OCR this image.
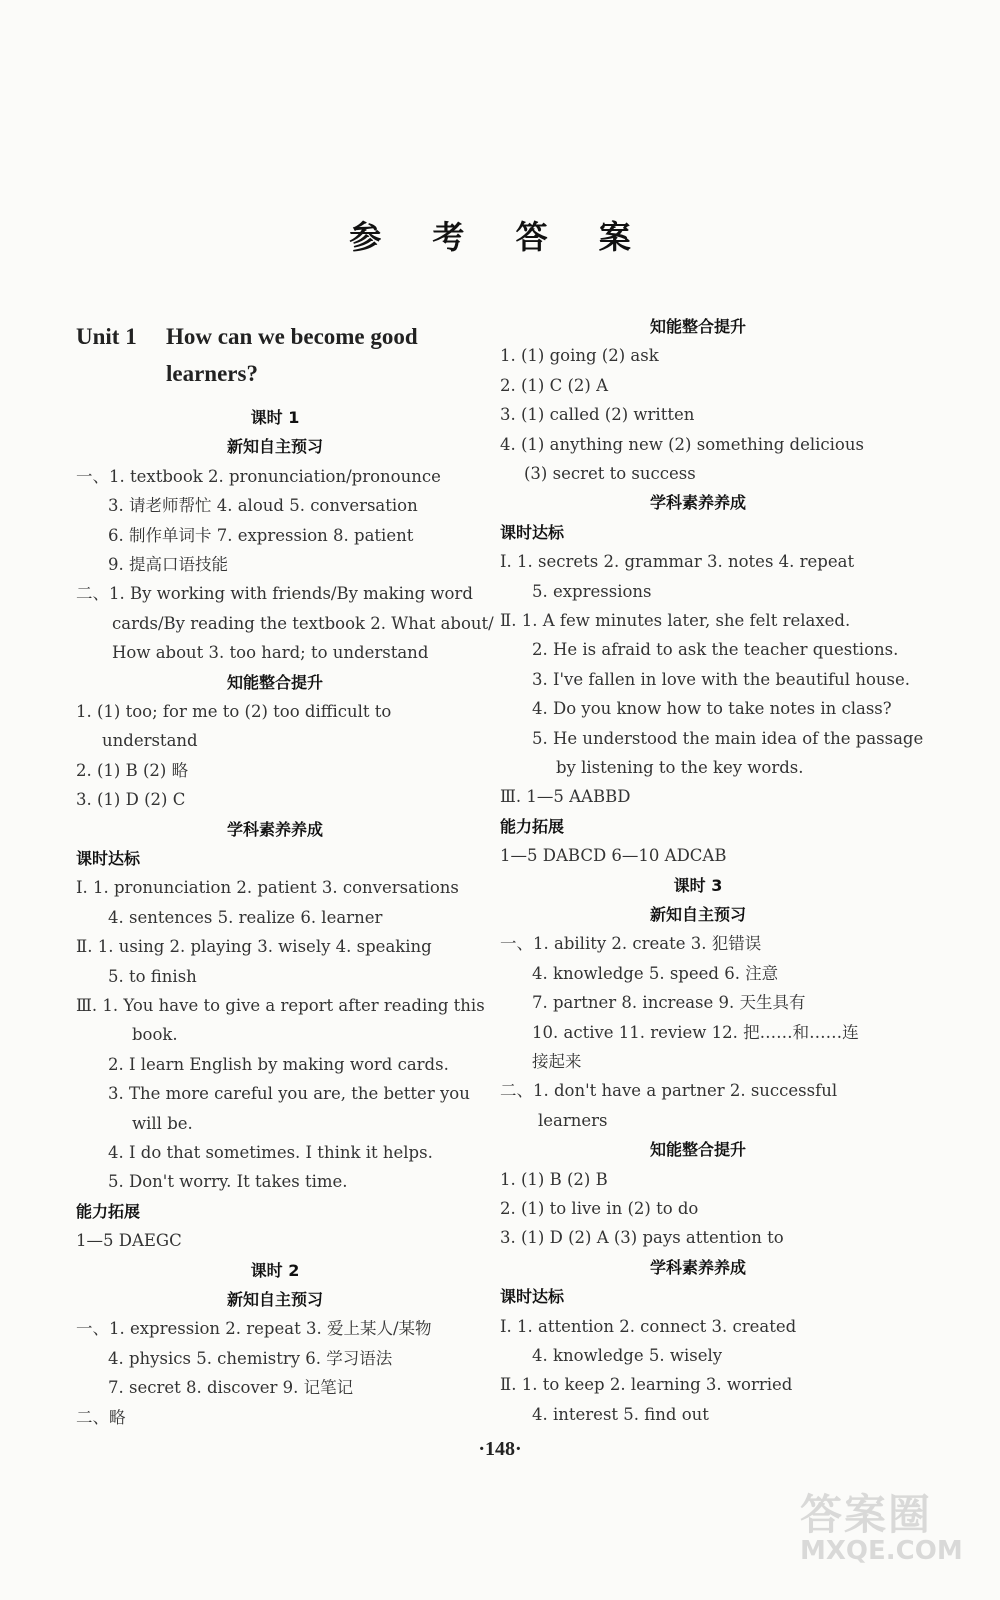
参 考 答 案
Unit 1 How can we become good
learners?
课时 1
新知自主预习
一、1. textbook 2. pronunciation/pronounce
3. 请老师帮忙 4. aloud 5. conversation
6. 制作单词卡 7. expression 8. patient
9. 提高口语技能
二、1. By working with friends/By making word
cards/By reading the textbook 2. What about/
How about 3. too hard; to understand
知能整合提升
1. (1) too; for me to (2) too difficult to
understand
2. (1) B (2) 略
3. (1) D (2) C
学科素养养成
课时达标
Ⅰ. 1. pronunciation 2. patient 3. conversations
4. sentences 5. realize 6. learner
Ⅱ. 1. using 2. playing 3. wisely 4. speaking
5. to finish
Ⅲ. 1. You have to give a report after reading this
book.
2. I learn English by making word cards.
3. The more careful you are, the better you
will be.
4. I do that sometimes. I think it helps.
5. Don't worry. It takes time.
能力拓展
1—5 DAEGC
课时 2
新知自主预习
一、1. expression 2. repeat 3. 爱上某人/某物
4. physics 5. chemistry 6. 学习语法
7. secret 8. discover 9. 记笔记
二、略
知能整合提升
1. (1) going (2) ask
2. (1) C (2) A
3. (1) called (2) written
4. (1) anything new (2) something delicious
(3) secret to success
学科素养养成
课时达标
Ⅰ. 1. secrets 2. grammar 3. notes 4. repeat
5. expressions
Ⅱ. 1. A few minutes later, she felt relaxed.
2. He is afraid to ask the teacher questions.
3. I've fallen in love with the beautiful house.
4. Do you know how to take notes in class?
5. He understood the main idea of the passage
by listening to the key words.
Ⅲ. 1—5 AABBD
能力拓展
1—5 DABCD 6—10 ADCAB
课时 3
新知自主预习
一、1. ability 2. create 3. 犯错误
4. knowledge 5. speed 6. 注意
7. partner 8. increase 9. 天生具有
10. active 11. review 12. 把……和……连
接起来
二、1. don't have a partner 2. successful
learners
知能整合提升
1. (1) B (2) B
2. (1) to live in (2) to do
3. (1) D (2) A (3) pays attention to
学科素养养成
课时达标
Ⅰ. 1. attention 2. connect 3. created
4. knowledge 5. wisely
Ⅱ. 1. to keep 2. learning 3. worried
4. interest 5. find out
·148·
答案圈
MXQE.COM
